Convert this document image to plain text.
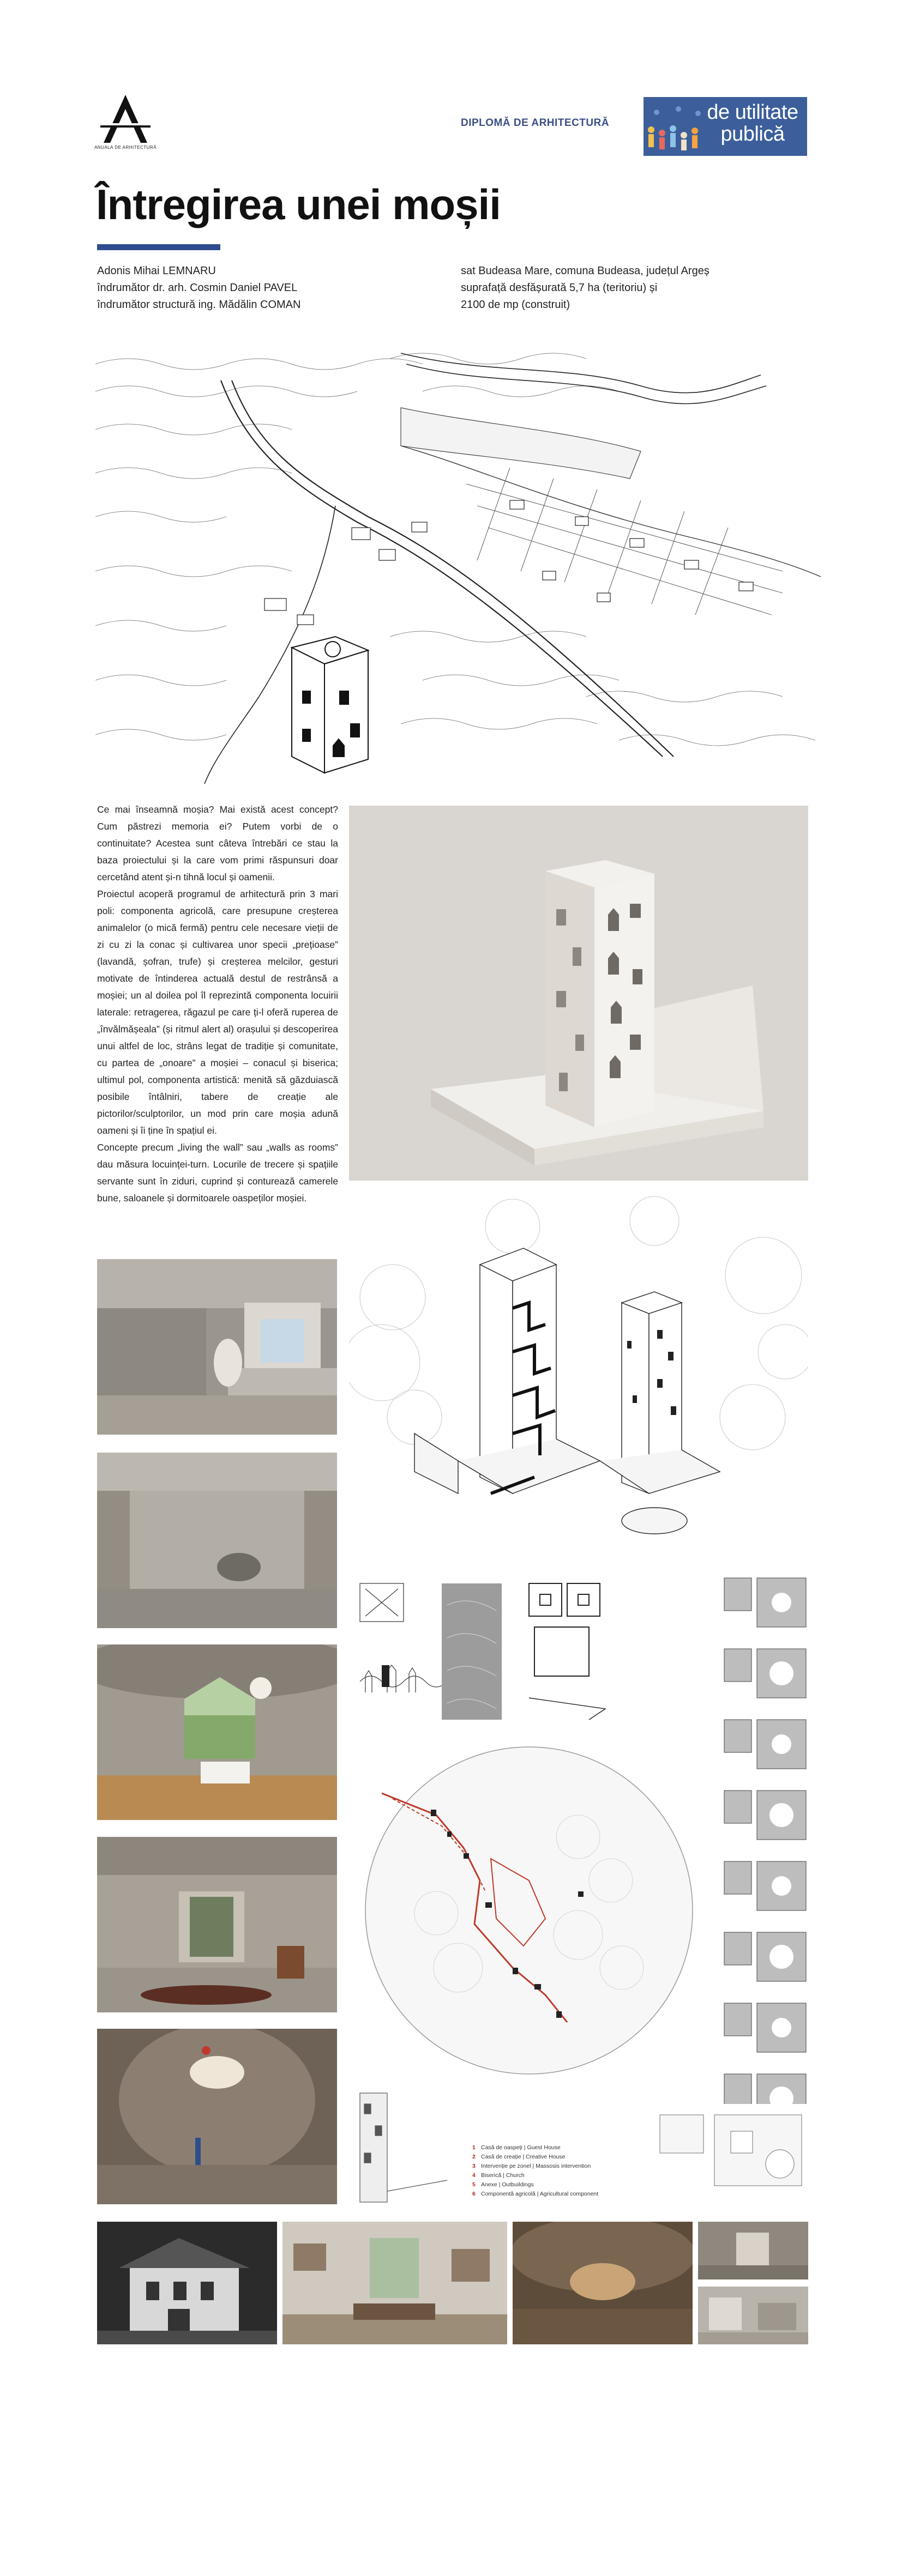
ANUALA DE ARHITECTURĂ
DIPLOMĂ DE ARHITECTURĂ	de utilitate publică
Întregirea unei moșii
Adonis Mihai LEMNARU
îndrumător dr. arh. Cosmin Daniel PAVEL
îndrumător structură ing. Mădălin COMAN
sat Budeasa Mare, comuna Budeasa, județul Argeș
suprafață desfășurată 5,7 ha (teritoriu) și
2100 de mp (construit)

Ce mai înseamnă moșia? Mai există acest concept? Cum păstrezi memoria ei? Putem vorbi de o continuitate? Acestea sunt câteva întrebări ce stau la baza proiectului și la care vom primi răspunsuri doar cercetând atent și-n tihnă locul și oamenii.

Proiectul acoperă programul de arhitectură prin 3 mari poli: componenta agricolă, care presupune creșterea animalelor (o mică fermă) pentru cele necesare vieții de zi cu zi la conac și cultivarea unor specii „prețioase” (lavandă, șofran, trufe) și creșterea melcilor, gesturi motivate de întinderea actuală destul de restrânsă a moșiei; un al doilea pol îl reprezintă componenta locuirii laterale: retragerea, răgazul pe care ți-l oferă ruperea de „învălmășeala” (și ritmul alert al) orașului și descoperirea unui altfel de loc, strâns legat de tradiție și comunitate, cu partea de „onoare” a moșiei – conacul și biserica; ultimul pol, componenta artistică: menită să găzduiască posibile întâlniri, tabere de creație ale pictorilor/sculptorilor, un mod prin care moșia adună oameni și îi ține în spațiul ei.

Concepte precum „living the wall” sau „walls as rooms” dau măsura locuinței-turn. Locurile de trecere și spațiile servante sunt în ziduri, cuprind și conturează camerele bune, saloanele și dormitoarele oaspeților moșiei.

1 Casă de oaspeți | Guest House
2 Casă de creație | Creative House
3 Intervenție pe zonel | Massosis intervention
4 Biserică | Church
5 Anexe | Outbuildings
6 Componentă agricolă | Agricultural component
